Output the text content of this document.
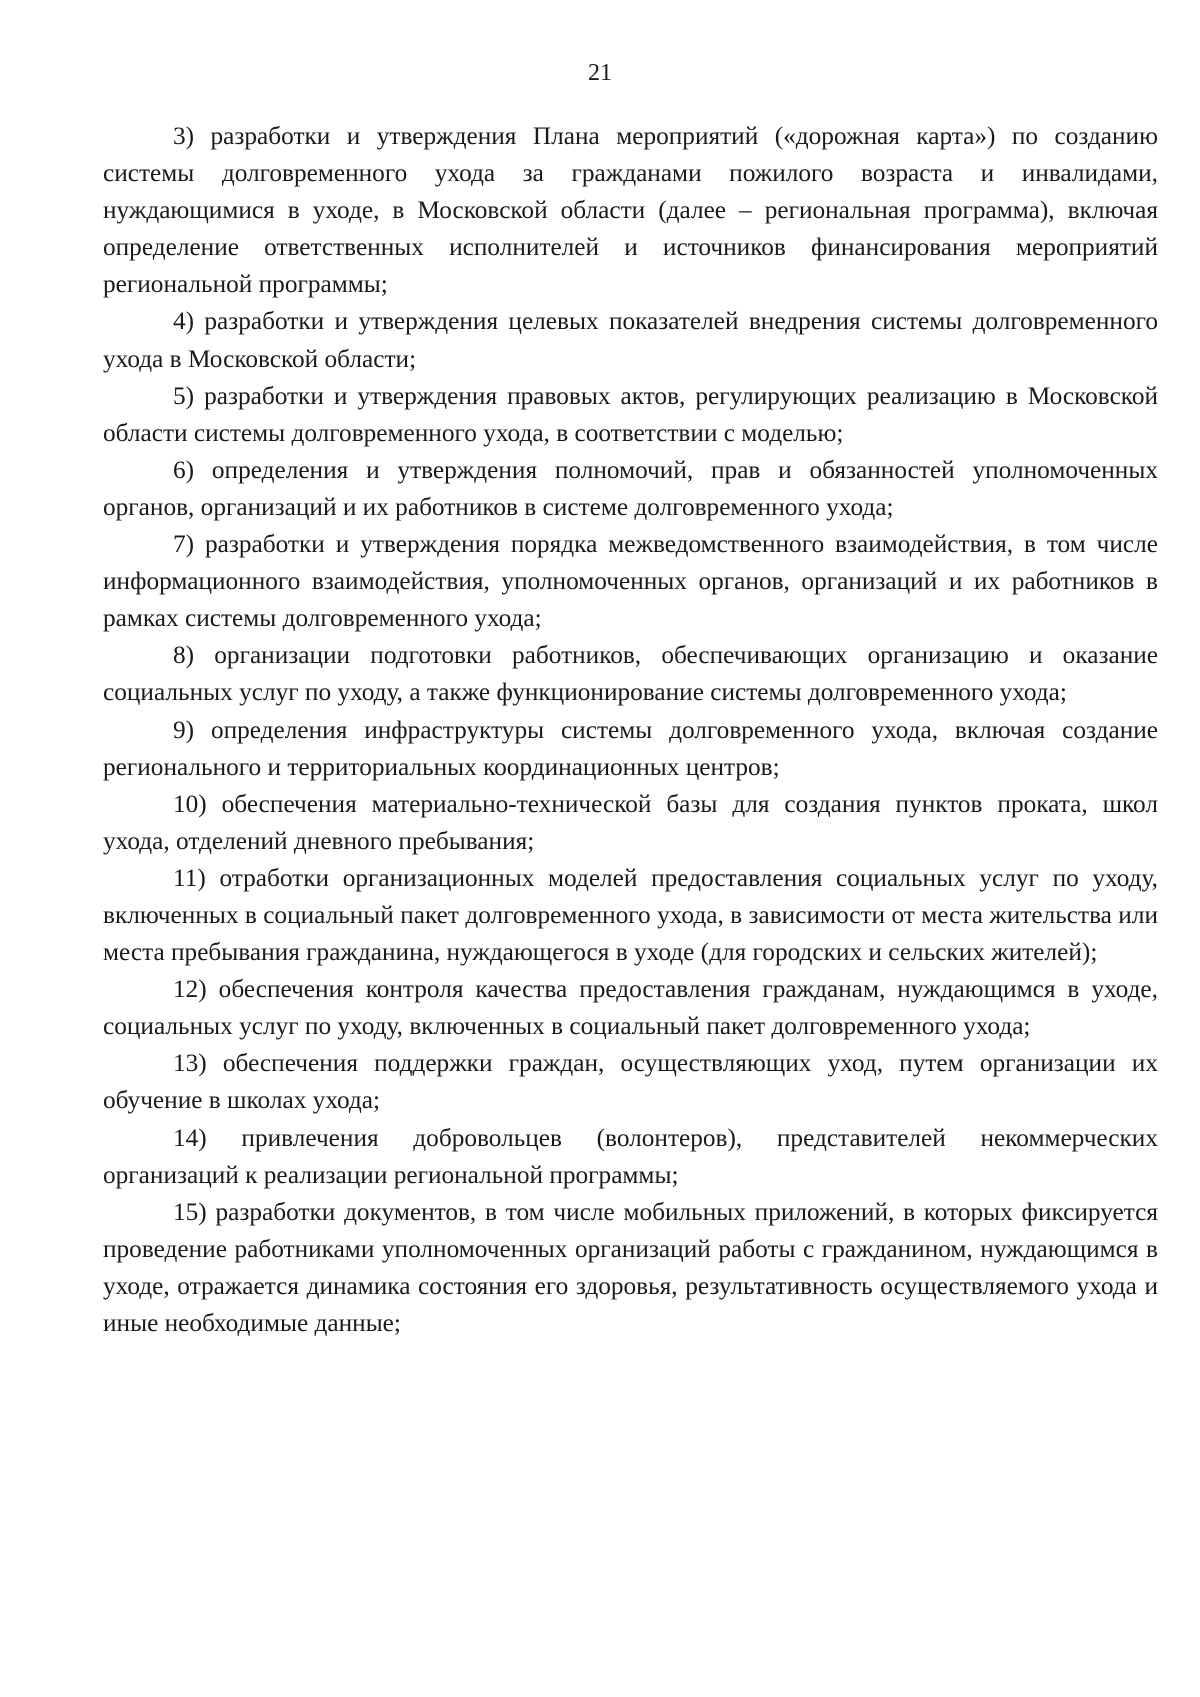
21

3) разработки и утверждения Плана мероприятий («дорожная карта») по созданию системы долговременного ухода за гражданами пожилого возраста и инвалидами, нуждающимися в уходе, в Московской области (далее – региональная программа), включая определение ответственных исполнителей и источников финансирования мероприятий региональной программы;

4) разработки и утверждения целевых показателей внедрения системы долговременного ухода в Московской области;

5) разработки и утверждения правовых актов, регулирующих реализацию в Московской области системы долговременного ухода, в соответствии с моделью;

6) определения и утверждения полномочий, прав и обязанностей уполномоченных органов, организаций и их работников в системе долговременного ухода;

7) разработки и утверждения порядка межведомственного взаимодействия, в том числе информационного взаимодействия, уполномоченных органов, организаций и их работников в рамках системы долговременного ухода;

8) организации подготовки работников, обеспечивающих организацию и оказание социальных услуг по уходу, а также функционирование системы долговременного ухода;

9) определения инфраструктуры системы долговременного ухода, включая создание регионального и территориальных координационных центров;

10) обеспечения материально-технической базы для создания пунктов проката, школ ухода, отделений дневного пребывания;

11) отработки организационных моделей предоставления социальных услуг по уходу, включенных в социальный пакет долговременного ухода, в зависимости от места жительства или места пребывания гражданина, нуждающегося в уходе (для городских и сельских жителей);

12) обеспечения контроля качества предоставления гражданам, нуждающимся в уходе, социальных услуг по уходу, включенных в социальный пакет долговременного ухода;

13) обеспечения поддержки граждан, осуществляющих уход, путем организации их обучение в школах ухода;

14) привлечения добровольцев (волонтеров), представителей некоммерческих организаций к реализации региональной программы;

15) разработки документов, в том числе мобильных приложений, в которых фиксируется проведение работниками уполномоченных организаций работы с гражданином, нуждающимся в уходе, отражается динамика состояния его здоровья, результативность осуществляемого ухода и иные необходимые данные;
